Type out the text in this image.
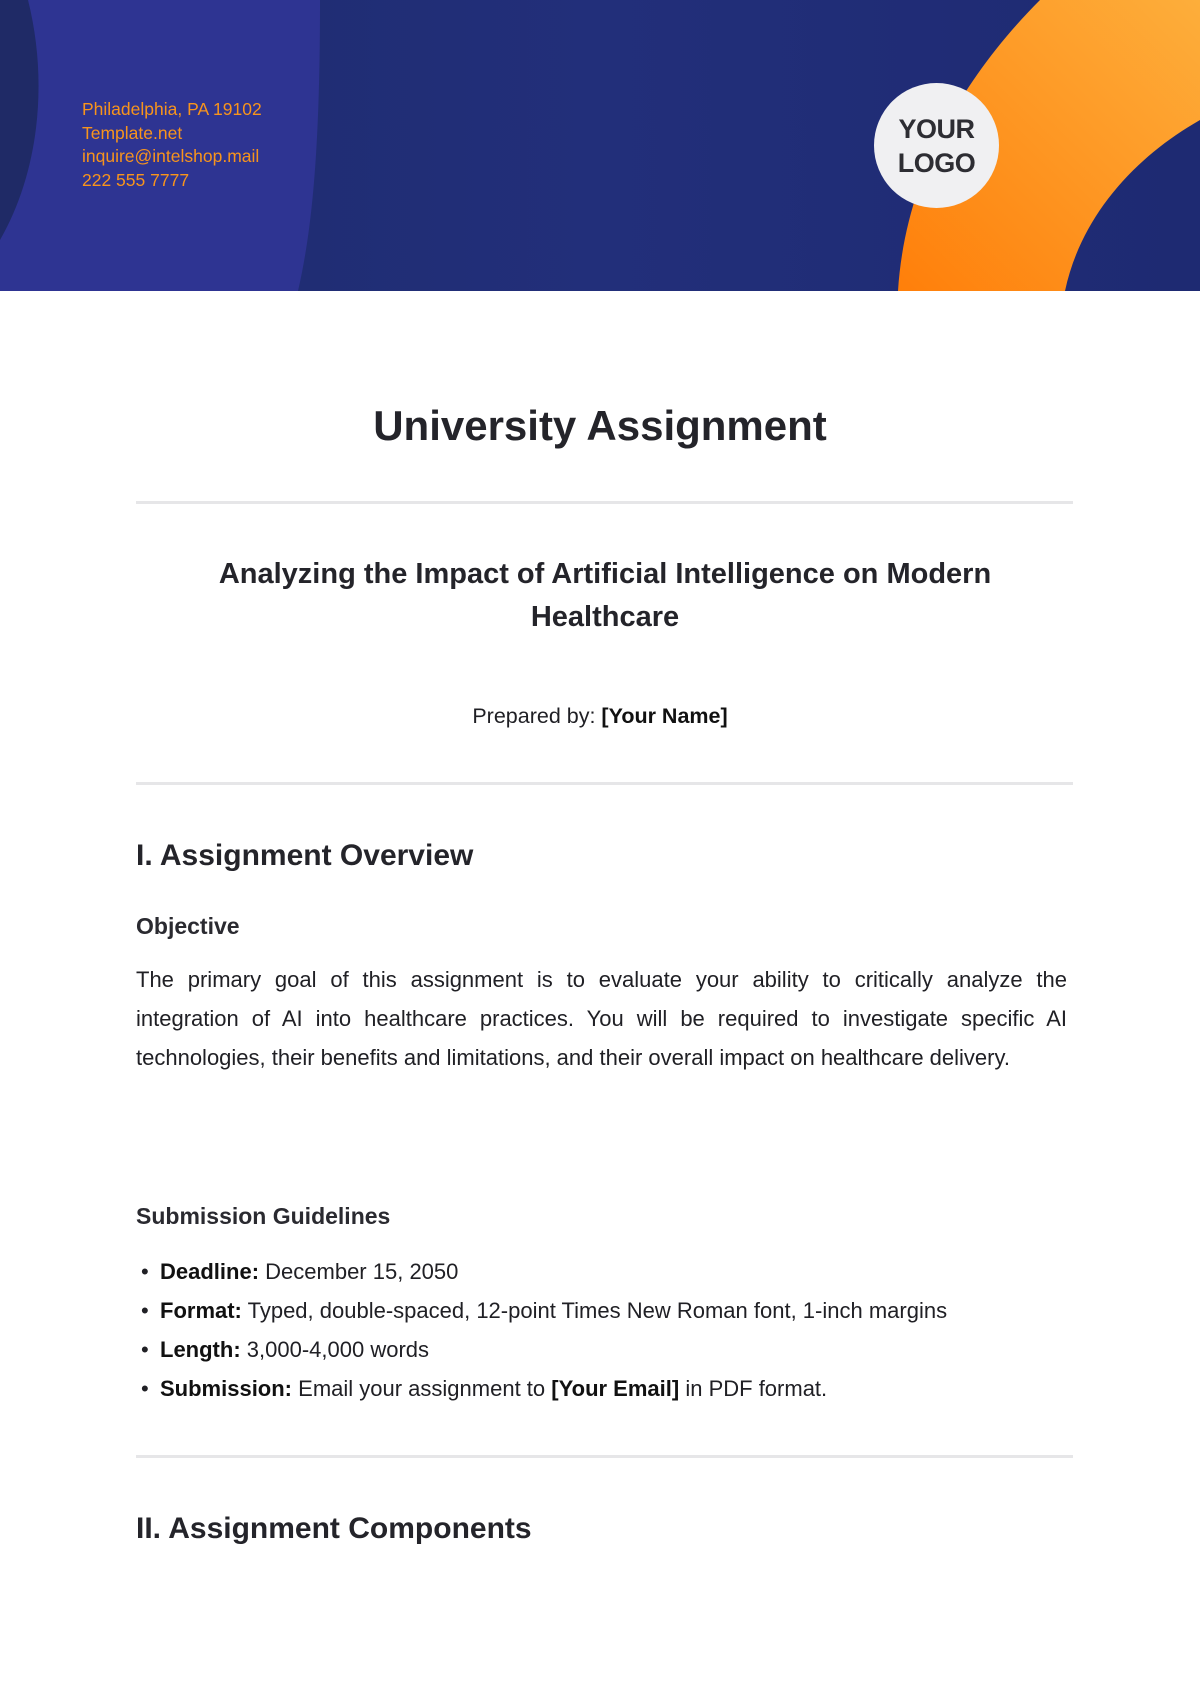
Philadelphia, PA 19102
Template.net
inquire@intelshop.mail
222 555 7777
YOUR LOGO
University Assignment
Analyzing the Impact of Artificial Intelligence on Modern Healthcare
Prepared by: [Your Name]
I. Assignment Overview
Objective

The primary goal of this assignment is to evaluate your ability to critically analyze the integration of AI into healthcare practices. You will be required to investigate specific AI technologies, their benefits and limitations, and their overall impact on healthcare delivery.

Submission Guidelines
• Deadline: December 15, 2050
• Format: Typed, double-spaced, 12-point Times New Roman font, 1-inch margins
• Length: 3,000-4,000 words
• Submission: Email your assignment to [Your Email] in PDF format.
II. Assignment Components
